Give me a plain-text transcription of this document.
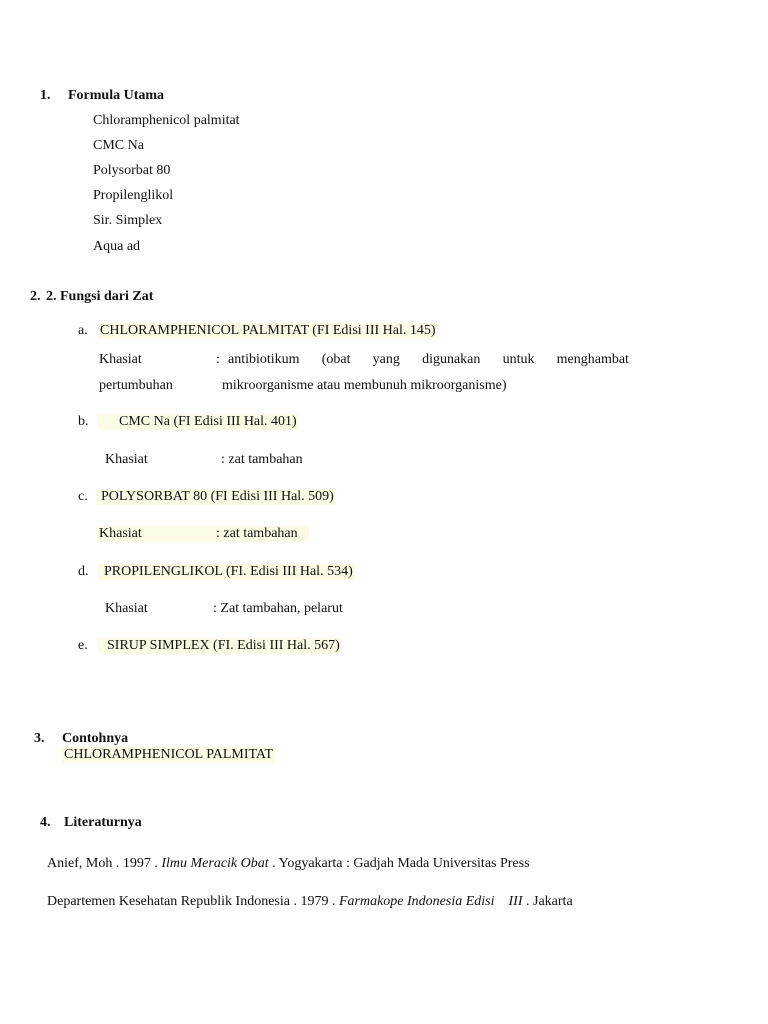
1. Formula Utama
Chloramphenicol palmitat
CMC Na
Polysorbat 80
Propilenglikol
Sir. Simplex
Aqua ad
2. 2. Fungsi dari Zat
a. CHLORAMPHENICOL PALMITAT (FI Edisi III Hal. 145)
Khasiat	: antibiotikum (obat yang digunakan untuk menghambat
pertumbuhan	mikroorganisme atau membunuh mikroorganisme)
b.	CMC Na (FI Edisi III Hal. 401)
Khasiat	: zat tambahan
c. POLYSORBAT 80 (FI Edisi III Hal. 509)
Khasiat	: zat tambahan
d.	PROPILENGLIKOL (FI. Edisi III Hal. 534)
Khasiat	: Zat tambahan, pelarut
e.	SIRUP SIMPLEX (FI. Edisi III Hal. 567)
3. Contohnya
CHLORAMPHENICOL PALMITAT
4. Literaturnya
Anief, Moh . 1997 . Ilmu Meracik Obat . Yogyakarta : Gadjah Mada Universitas Press
Departemen Kesehatan Republik Indonesia . 1979 . Farmakope Indonesia Edisi III . Jakarta
